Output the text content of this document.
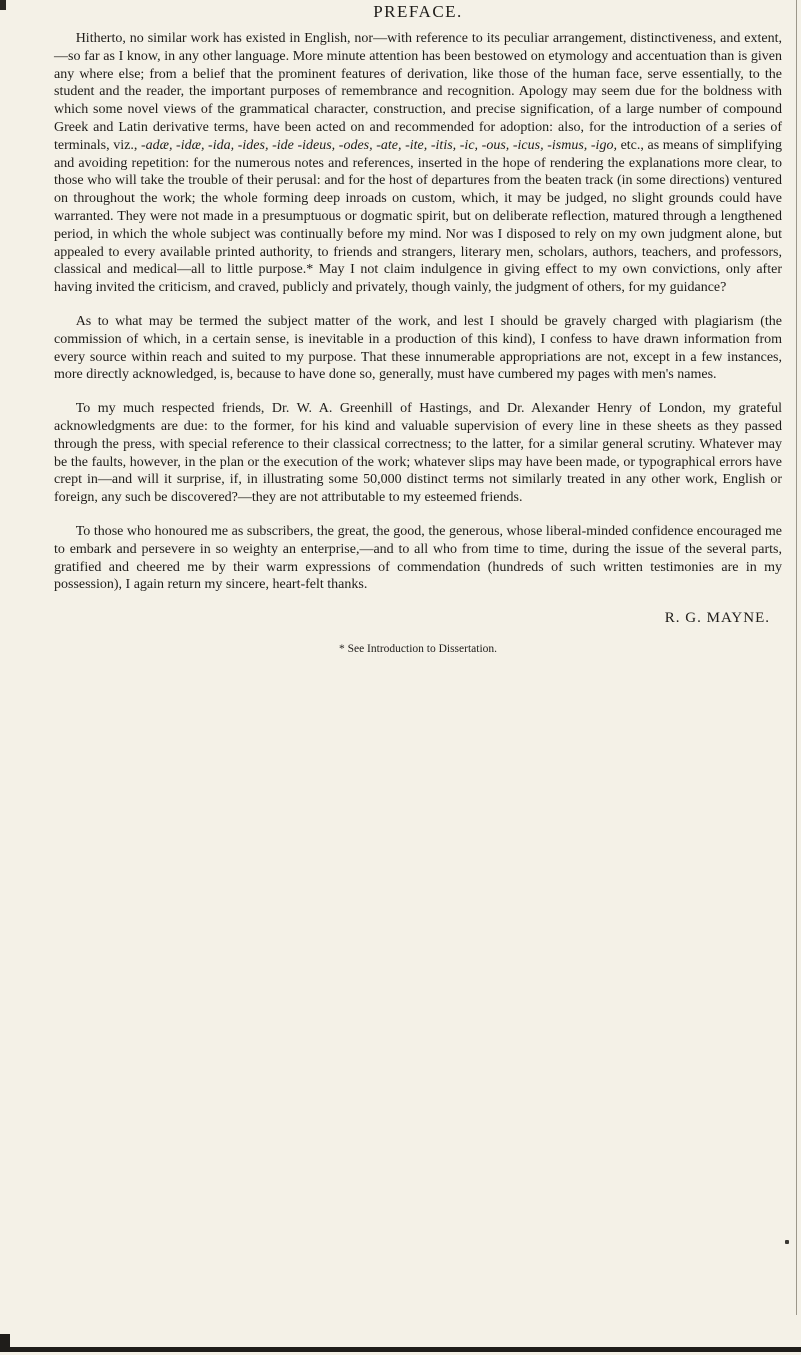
PREFACE.

Hitherto, no similar work has existed in English, nor—with reference to its peculiar arrangement, distinctiveness, and extent,—so far as I know, in any other language. More minute attention has been bestowed on etymology and accentuation than is given any where else; from a belief that the prominent features of derivation, like those of the human face, serve essentially, to the student and the reader, the important purposes of remembrance and recognition. Apology may seem due for the boldness with which some novel views of the grammatical character, construction, and precise signification, of a large number of compound Greek and Latin derivative terms, have been acted on and recommended for adoption: also, for the introduction of a series of terminals, viz., -adæ, -idæ, -ida, -ides, -ide -ideus, -odes, -ate, -ite, -itis, -ic, -ous, -icus, -ismus, -igo, etc., as means of simplifying and avoiding repetition: for the numerous notes and references, inserted in the hope of rendering the explanations more clear, to those who will take the trouble of their perusal: and for the host of departures from the beaten track (in some directions) ventured on throughout the work; the whole forming deep inroads on custom, which, it may be judged, no slight grounds could have warranted. They were not made in a presumptuous or dogmatic spirit, but on deliberate reflection, matured through a lengthened period, in which the whole subject was continually before my mind. Nor was I disposed to rely on my own judgment alone, but appealed to every available printed authority, to friends and strangers, literary men, scholars, authors, teachers, and professors, classical and medical—all to little purpose.* May I not claim indulgence in giving effect to my own convictions, only after having invited the criticism, and craved, publicly and privately, though vainly, the judgment of others, for my guidance?

As to what may be termed the subject matter of the work, and lest I should be gravely charged with plagiarism (the commission of which, in a certain sense, is inevitable in a production of this kind), I confess to have drawn information from every source within reach and suited to my purpose. That these innumerable appropriations are not, except in a few instances, more directly acknowledged, is, because to have done so, generally, must have cumbered my pages with men's names.

To my much respected friends, Dr. W. A. Greenhill of Hastings, and Dr. Alexander Henry of London, my grateful acknowledgments are due: to the former, for his kind and valuable supervision of every line in these sheets as they passed through the press, with special reference to their classical correctness; to the latter, for a similar general scrutiny. Whatever may be the faults, however, in the plan or the execution of the work; whatever slips may have been made, or typographical errors have crept in—and will it surprise, if, in illustrating some 50,000 distinct terms not similarly treated in any other work, English or foreign, any such be discovered?—they are not attributable to my esteemed friends.

To those who honoured me as subscribers, the great, the good, the generous, whose liberal-minded confidence encouraged me to embark and persevere in so weighty an enterprise,—and to all who from time to time, during the issue of the several parts, gratified and cheered me by their warm expressions of commendation (hundreds of such written testimonies are in my possession), I again return my sincere, heart-felt thanks.

R. G. MAYNE.
* See Introduction to Dissertation.
